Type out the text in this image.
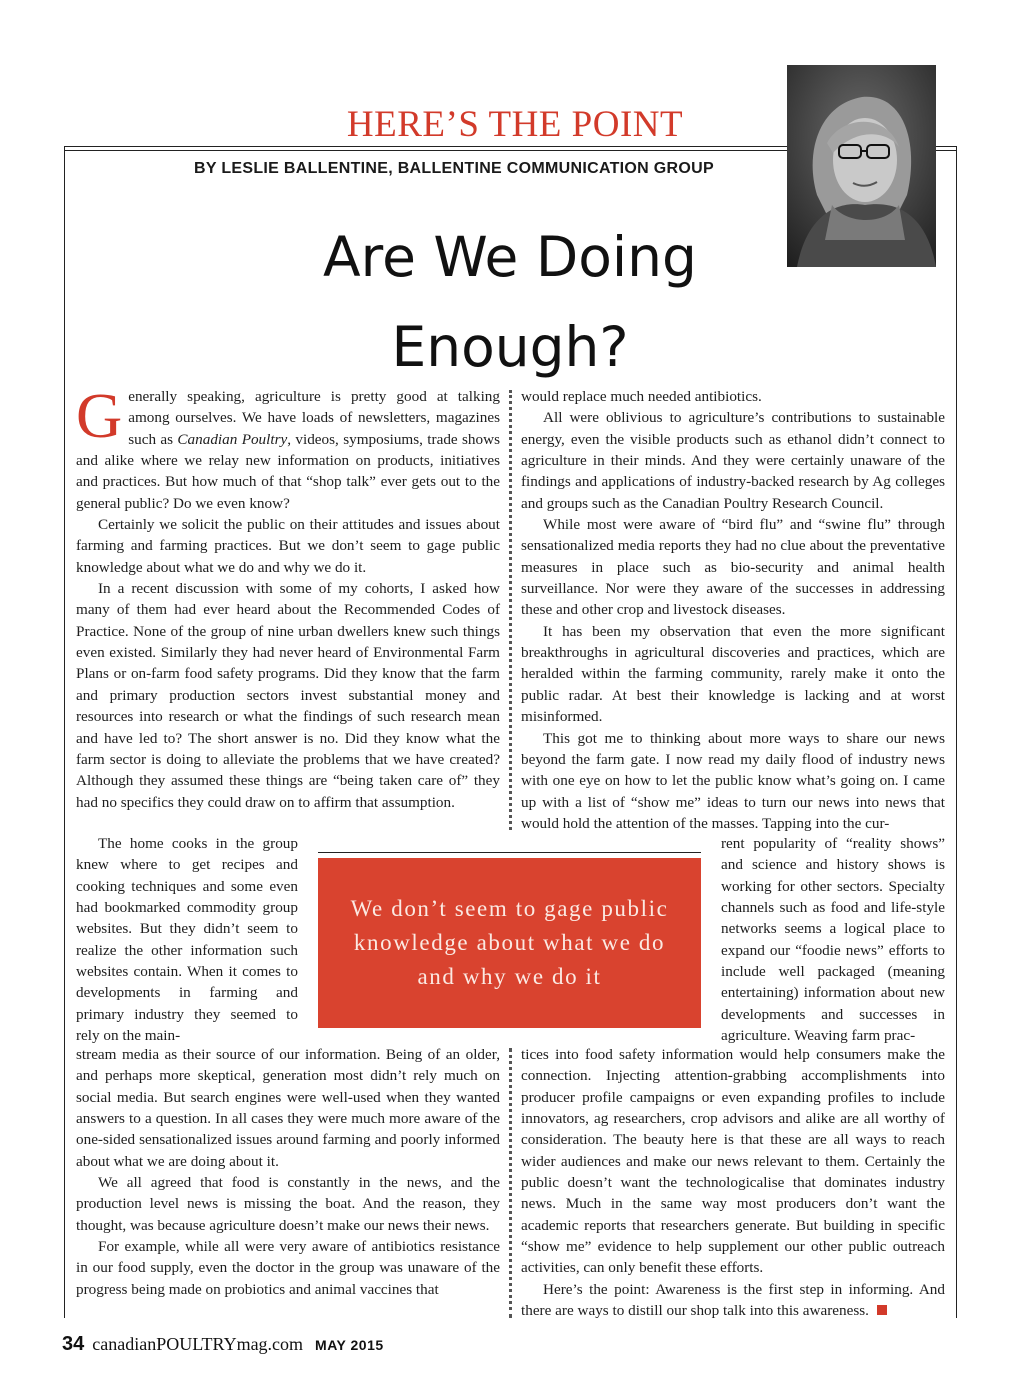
HERE’S THE POINT
BY LESLIE BALLENTINE, BALLENTINE COMMUNICATION GROUP
Are We Doing
Enough?

Generally speaking, agriculture is pretty good at talking among ourselves. We have loads of newsletters, magazines such as Canadian Poultry, videos, symposiums, trade shows and alike where we relay new information on products, initiatives and practices. But how much of that “shop talk” ever gets out to the general public? Do we even know?

Certainly we solicit the public on their attitudes and issues about farming and farming practices. But we don’t seem to gage public knowledge about what we do and why we do it.

In a recent discussion with some of my cohorts, I asked how many of them had ever heard about the Recommended Codes of Practice. None of the group of nine urban dwellers knew such things even existed. Similarly they had never heard of Environmental Farm Plans or on-farm food safety programs. Did they know that the farm and primary production sectors invest substantial money and resources into research or what the findings of such research mean and have led to? The short answer is no. Did they know what the farm sector is doing to alleviate the problems that we have created? Although they assumed these things are “being taken care of” they had no specifics they could draw on to affirm that assumption.

would replace much needed antibiotics.

All were oblivious to agriculture’s contributions to sustainable energy, even the visible products such as ethanol didn’t connect to agriculture in their minds. And they were certainly unaware of the findings and applications of industry-backed research by Ag colleges and groups such as the Canadian Poultry Research Council.

While most were aware of “bird flu” and “swine flu” through sensationalized media reports they had no clue about the preventative measures in place such as bio-security and animal health surveillance. Nor were they aware of the successes in addressing these and other crop and livestock diseases.

It has been my observation that even the more significant breakthroughs in agricultural discoveries and practices, which are heralded within the farming community, rarely make it onto the public radar. At best their knowledge is lacking and at worst misinformed.

This got me to thinking about more ways to share our news beyond the farm gate. I now read my daily flood of industry news with one eye on how to let the public know what’s going on. I came up with a list of “show me” ideas to turn our news into news that would hold the attention of the masses. Tapping into the cur-

The home cooks in the group knew where to get recipes and cooking techniques and some even had bookmarked commodity group websites. But they didn’t seem to realize the other information such websites contain. When it comes to developments in farming and primary industry they seemed to rely on the main-

We don’t seem to gage public knowledge about what we do and why we do it

rent popularity of “reality shows” and science and history shows is working for other sectors. Specialty channels such as food and life-style networks seems a logical place to expand our “foodie news” efforts to include well packaged (meaning entertaining) information about new developments and successes in agriculture. Weaving farm prac-

stream media as their source of our information. Being of an older, and perhaps more skeptical, generation most didn’t rely much on social media. But search engines were well-used when they wanted answers to a question. In all cases they were much more aware of the one-sided sensationalized issues around farming and poorly informed about what we are doing about it.

We all agreed that food is constantly in the news, and the production level news is missing the boat. And the reason, they thought, was because agriculture doesn’t make our news their news.

For example, while all were very aware of antibiotics resistance in our food supply, even the doctor in the group was unaware of the progress being made on probiotics and animal vaccines that

tices into food safety information would help consumers make the connection. Injecting attention-grabbing accomplishments into producer profile campaigns or even expanding profiles to include innovators, ag researchers, crop advisors and alike are all worthy of consideration. The beauty here is that these are all ways to reach wider audiences and make our news relevant to them. Certainly the public doesn’t want the technologicalise that dominates industry news. Much in the same way most producers don’t want the academic reports that researchers generate. But building in specific “show me” evidence to help supplement our other public outreach activities, can only benefit these efforts.

Here’s the point: Awareness is the first step in informing. And there are ways to distill our shop talk into this awareness.

34 canadianPOULTRYmag.com MAY 2015
